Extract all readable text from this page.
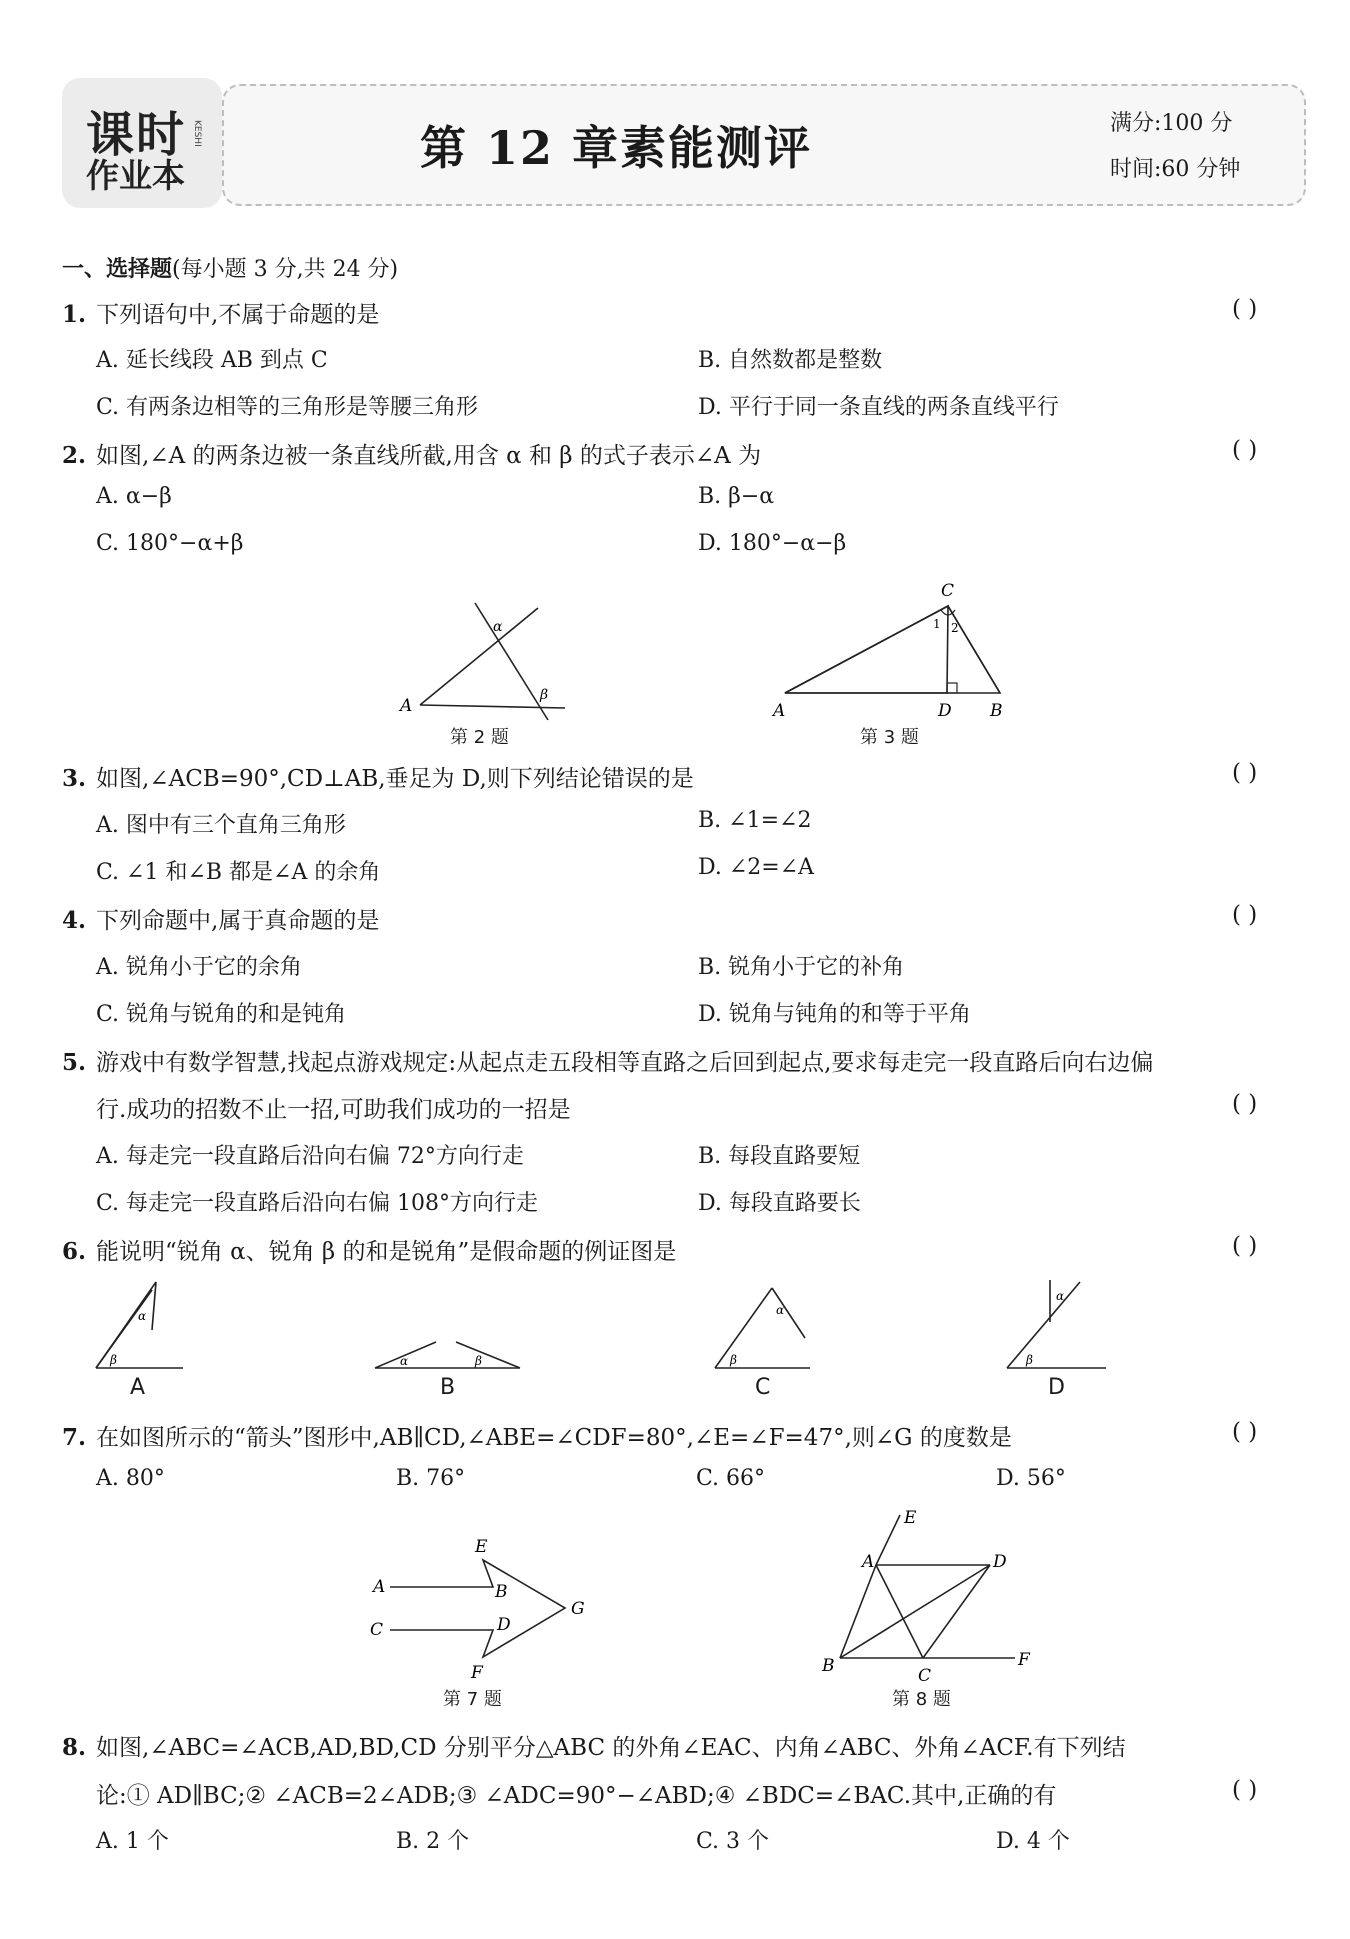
课时
作业本
KESHI	第 12 章素能测评	满分:100 分
时间:60 分钟
一、选择题(每小题 3 分,共 24 分)
1. 下列语句中,不属于命题的是	( )
A. 延长线段 AB 到点 C	B. 自然数都是整数
C. 有两条边相等的三角形是等腰三角形	D. 平行于同一条直线的两条直线平行
2. 如图,∠A 的两条边被一条直线所截,用含 α 和 β 的式子表示∠A 为	( )
A. α−β	B. β−α
C. 180°−α+β	D. 180°−α−β
A
α
β
第 2 题
C
A	D B
1 2
第 3 题
3. 如图,∠ACB=90°,CD⊥AB,垂足为 D,则下列结论错误的是	( )
A. 图中有三个直角三角形	B. ∠1=∠2
C. ∠1 和∠B 都是∠A 的余角	D. ∠2=∠A
4. 下列命题中,属于真命题的是	( )
A. 锐角小于它的余角	B. 锐角小于它的补角
C. 锐角与锐角的和是钝角	D. 锐角与钝角的和等于平角
5. 游戏中有数学智慧,找起点游戏规定:从起点走五段相等直路之后回到起点,要求每走完一段直路后向右边偏
行.成功的招数不止一招,可助我们成功的一招是	( )
A. 每走完一段直路后沿向右偏 72°方向行走	B. 每段直路要短
C. 每走完一段直路后沿向右偏 108°方向行走	D. 每段直路要长
6. 能说明“锐角 α、锐角 β 的和是锐角”是假命题的例证图是	( )
α
β	α	β
α
β
α
β
A	B	C	D
7. 在如图所示的“箭头”图形中,AB∥CD,∠ABE=∠CDF=80°,∠E=∠F=47°,则∠G 的度数是	( )
A. 80°	B. 76°	C. 66°	D. 56°
E
A	B
G
C	D
F
第 7 题
E
A	D
B	C
F
第 8 题
8. 如图,∠ABC=∠ACB,AD,BD,CD 分别平分△ABC 的外角∠EAC、内角∠ABC、外角∠ACF.有下列结
论:① AD∥BC;② ∠ACB=2∠ADB;③ ∠ADC=90°−∠ABD;④ ∠BDC=∠BAC.其中,正确的有	( )
A. 1 个	B. 2 个	C. 3 个	D. 4 个
